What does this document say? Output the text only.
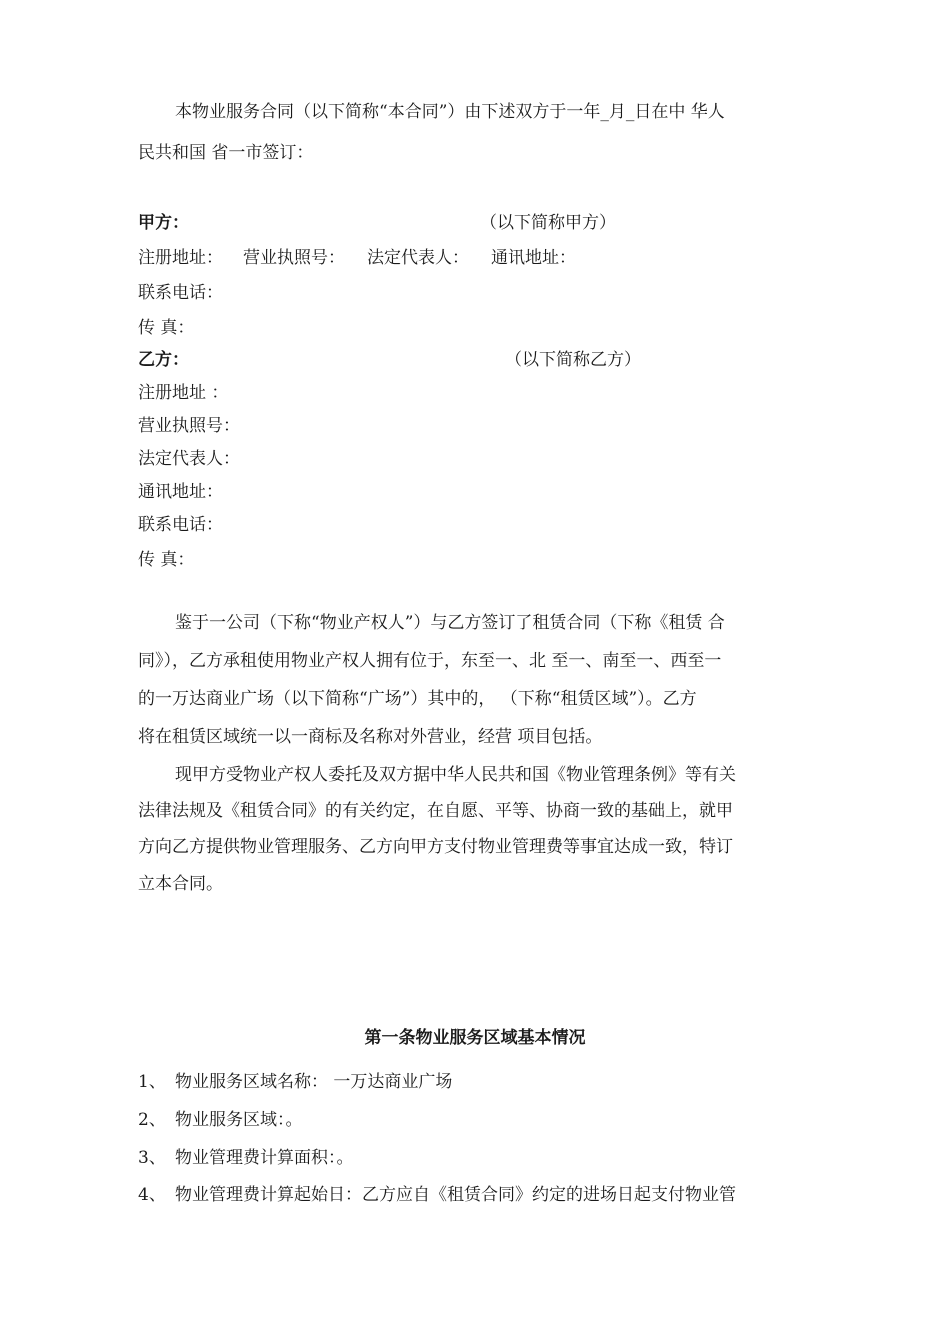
本物业服务合同（以下简称“本合同”）由下述双方于一年_月_日在中 华人
民共和国 省一市签订：
甲方：	（以下简称甲方）
注册地址： 营业执照号： 法定代表人： 通讯地址：
联系电话：
传 真：
乙方：	（以下简称乙方）
注册地址 ：
营业执照号：
法定代表人：
通讯地址：
联系电话：
传 真：
鉴于一公司（下称“物业产权人”）与乙方签订了租赁合同（下称《租赁 合
同》），乙方承租使用物业产权人拥有位于，东至一、北 至一、南至一、西至一
的一万达商业广场（以下简称“广场”）其中的， （下称“租赁区域”）。乙方
将在租赁区域统一以一商标及名称对外营业，经营 项目包括。
现甲方受物业产权人委托及双方据中华人民共和国《物业管理条例》等有关
法律法规及《租赁合同》的有关约定，在自愿、平等、协商一致的基础上，就甲
方向乙方提供物业管理服务、乙方向甲方支付物业管理费等事宜达成一致，特订
立本合同。
第一条物业服务区域基本情况
1、 物业服务区域名称： 一万达商业广场
2、 物业服务区域：。
3、 物业管理费计算面积：。
4、 物业管理费计算起始日：乙方应自《租赁合同》约定的进场日起支付物业管
